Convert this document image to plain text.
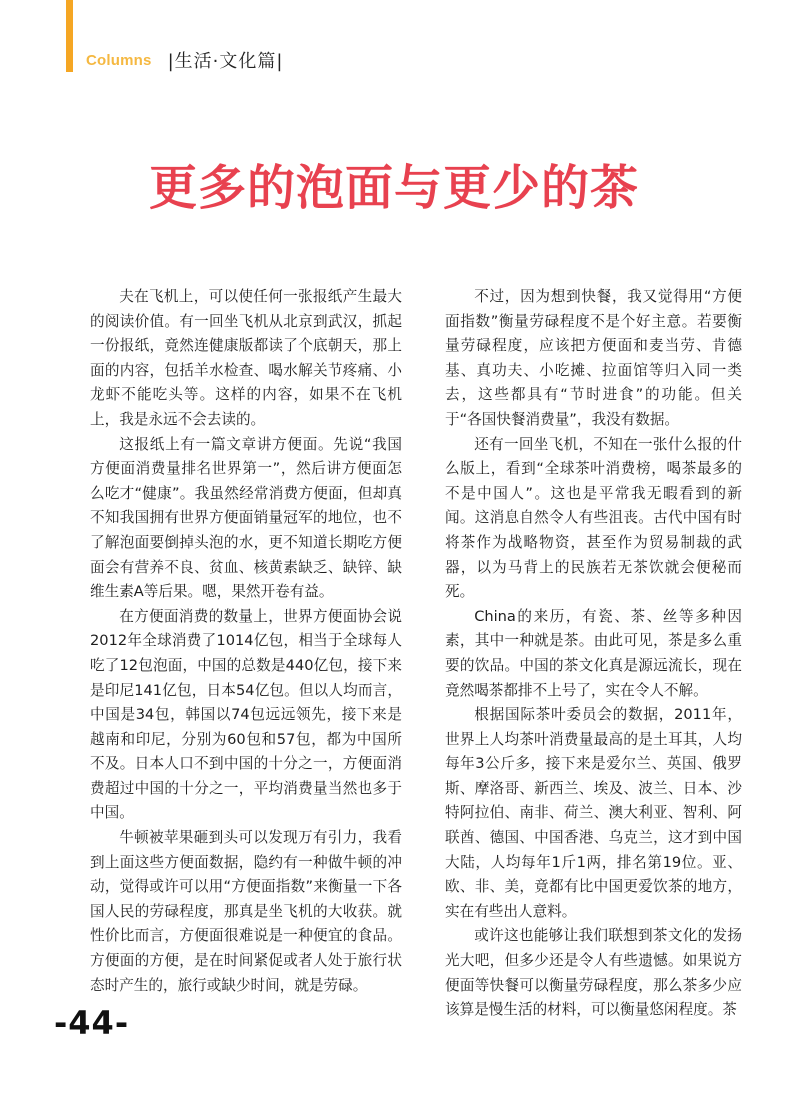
Columns |生活·文化篇|
更多的泡面与更少的茶

夫在飞机上，可以使任何一张报纸产生最大的阅读价值。有一回坐飞机从北京到武汉，抓起一份报纸，竟然连健康版都读了个底朝天，那上面的内容，包括羊水检查、喝水解关节疼痛、小龙虾不能吃头等。这样的内容，如果不在飞机上，我是永远不会去读的。

这报纸上有一篇文章讲方便面。先说“我国方便面消费量排名世界第一”，然后讲方便面怎么吃才“健康”。我虽然经常消费方便面，但却真不知我国拥有世界方便面销量冠军的地位，也不了解泡面要倒掉头泡的水，更不知道长期吃方便面会有营养不良、贫血、核黄素缺乏、缺锌、缺维生素A等后果。嗯，果然开卷有益。

在方便面消费的数量上，世界方便面协会说2012年全球消费了1014亿包，相当于全球每人吃了12包泡面，中国的总数是440亿包，接下来是印尼141亿包，日本54亿包。但以人均而言，中国是34包，韩国以74包远远领先，接下来是越南和印尼，分别为60包和57包，都为中国所不及。日本人口不到中国的十分之一，方便面消费超过中国的十分之一，平均消费量当然也多于中国。

牛顿被苹果砸到头可以发现万有引力，我看到上面这些方便面数据，隐约有一种做牛顿的冲动，觉得或许可以用“方便面指数”来衡量一下各国人民的劳碌程度，那真是坐飞机的大收获。就性价比而言，方便面很难说是一种便宜的食品。方便面的方便，是在时间紧促或者人处于旅行状态时产生的，旅行或缺少时间，就是劳碌。

不过，因为想到快餐，我又觉得用“方便面指数”衡量劳碌程度不是个好主意。若要衡量劳碌程度，应该把方便面和麦当劳、肯德基、真功夫、小吃摊、拉面馆等归入同一类去，这些都具有“节时进食”的功能。但关于“各国快餐消费量”，我没有数据。

还有一回坐飞机，不知在一张什么报的什么版上，看到“全球茶叶消费榜，喝茶最多的不是中国人”。这也是平常我无暇看到的新闻。这消息自然令人有些沮丧。古代中国有时将茶作为战略物资，甚至作为贸易制裁的武器，以为马背上的民族若无茶饮就会便秘而死。

China的来历，有瓷、茶、丝等多种因素，其中一种就是茶。由此可见，茶是多么重要的饮品。中国的茶文化真是源远流长，现在竟然喝茶都排不上号了，实在令人不解。

根据国际茶叶委员会的数据，2011年，世界上人均茶叶消费量最高的是土耳其，人均每年3公斤多，接下来是爱尔兰、英国、俄罗斯、摩洛哥、新西兰、埃及、波兰、日本、沙特阿拉伯、南非、荷兰、澳大利亚、智利、阿联酋、德国、中国香港、乌克兰，这才到中国大陆，人均每年1斤1两，排名第19位。亚、欧、非、美，竟都有比中国更爱饮茶的地方，实在有些出人意料。

或许这也能够让我们联想到茶文化的发扬光大吧，但多少还是令人有些遗憾。如果说方便面等快餐可以衡量劳碌程度，那么茶多少应该算是慢生活的材料，可以衡量悠闲程度。茶

-44-
